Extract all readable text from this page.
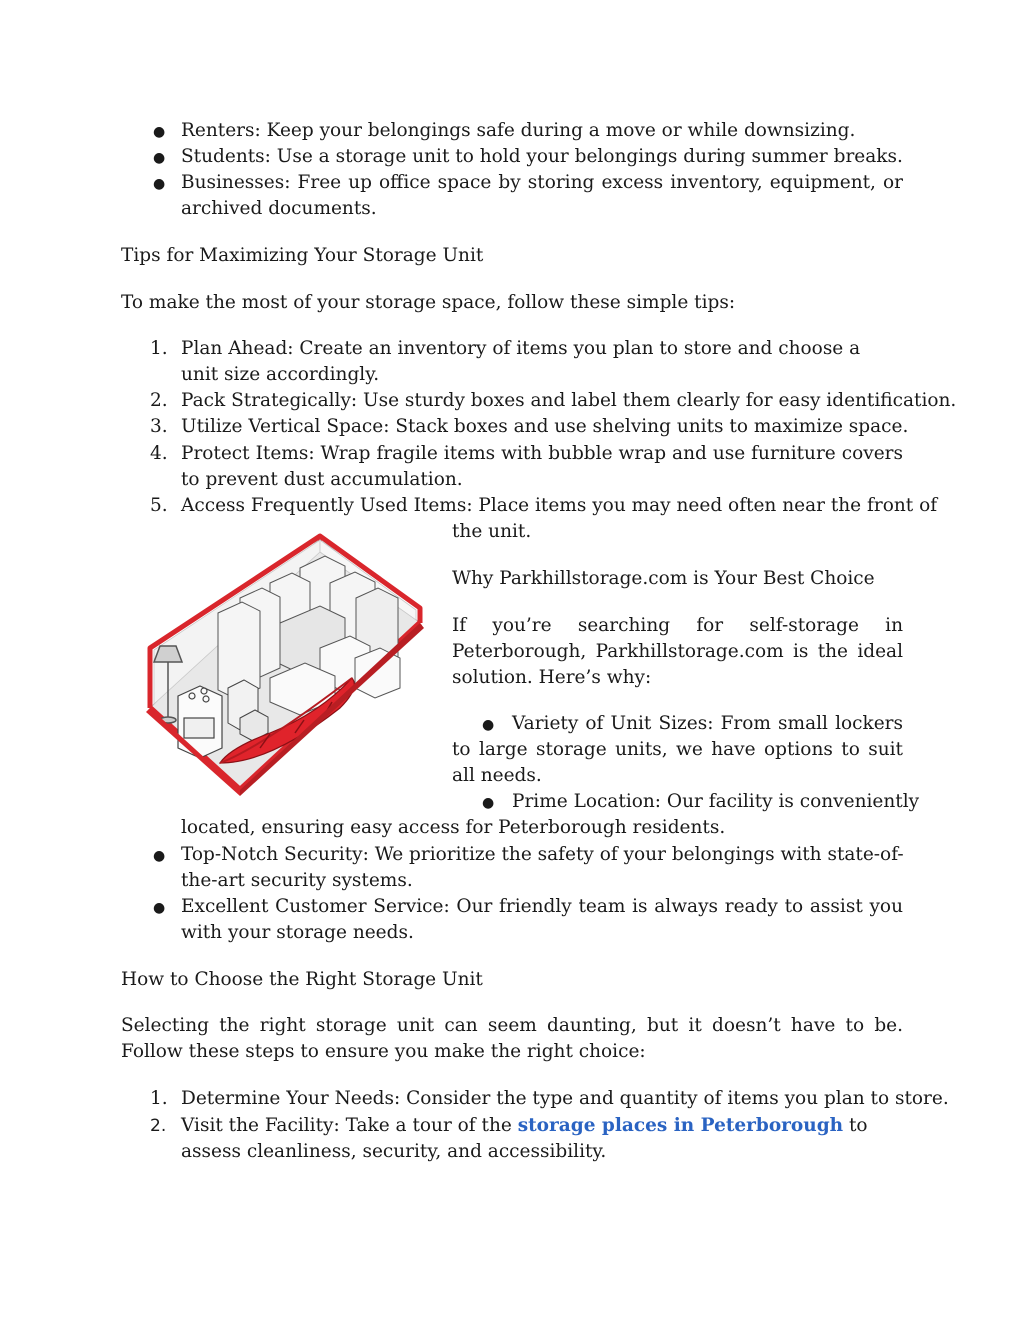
● Renters: Keep your belongings safe during a move or while downsizing.
● Students: Use a storage unit to hold your belongings during summer breaks.
● Businesses: Free up office space by storing excess inventory, equipment, or archived documents.
Tips for Maximizing Your Storage Unit
To make the most of your storage space, follow these simple tips:
1. Plan Ahead: Create an inventory of items you plan to store and choose a unit size accordingly.
2. Pack Strategically: Use sturdy boxes and label them clearly for easy identification.
3. Utilize Vertical Space: Stack boxes and use shelving units to maximize space.
4. Protect Items: Wrap fragile items with bubble wrap and use furniture covers to prevent dust accumulation.
5. Access Frequently Used Items: Place items you may need often near the front of
the unit.
Why Parkhillstorage.com is Your Best Choice
If you’re searching for self-storage in Peterborough, Parkhillstorage.com is the ideal solution. Here’s why:
● Variety of Unit Sizes: From small lockers to large storage units, we have options to suit all needs.
● Prime Location: Our facility is conveniently
located, ensuring easy access for Peterborough residents.
● Top-Notch Security: We prioritize the safety of your belongings with state-of-the-art security systems.
● Excellent Customer Service: Our friendly team is always ready to assist you with your storage needs.
How to Choose the Right Storage Unit
Selecting the right storage unit can seem daunting, but it doesn’t have to be. Follow these steps to ensure you make the right choice:
1. Determine Your Needs: Consider the type and quantity of items you plan to store.
2. Visit the Facility: Take a tour of the storage places in Peterborough to assess cleanliness, security, and accessibility.
